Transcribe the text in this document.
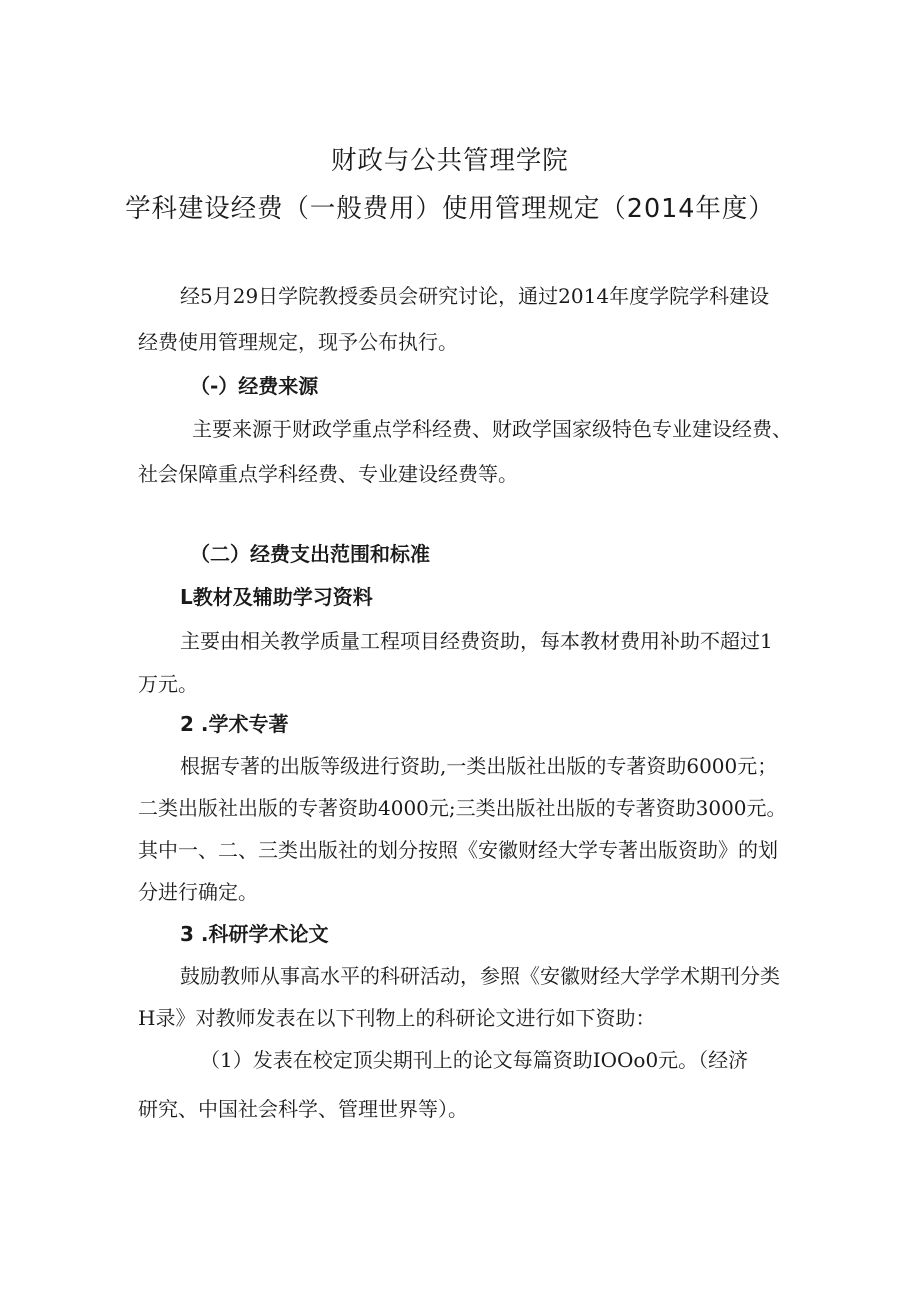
财政与公共管理学院
学科建设经费（一般费用）使用管理规定（2014年度）
经5月29日学院教授委员会研究讨论，通过2014年度学院学科建设
经费使用管理规定，现予公布执行。
（-）经费来源
主要来源于财政学重点学科经费、财政学国家级特色专业建设经费、
社会保障重点学科经费、专业建设经费等。
（二）经费支出范围和标准
L教材及辅助学习资料
主要由相关教学质量工程项目经费资助，每本教材费用补助不超过1
万元。
2 .学术专著
根据专著的出版等级进行资助,一类出版社出版的专著资助6000元；
二类出版社出版的专著资助4000元;三类出版社出版的专著资助3000元。
其中一、二、三类出版社的划分按照《安徽财经大学专著出版资助》的划
分进行确定。
3 .科研学术论文
鼓励教师从事高水平的科研活动，参照《安徽财经大学学术期刊分类
H录》对教师发表在以下刊物上的科研论文进行如下资助：
（1）发表在校定顶尖期刊上的论文每篇资助IOOo0元。（经济
研究、中国社会科学、管理世界等）。
